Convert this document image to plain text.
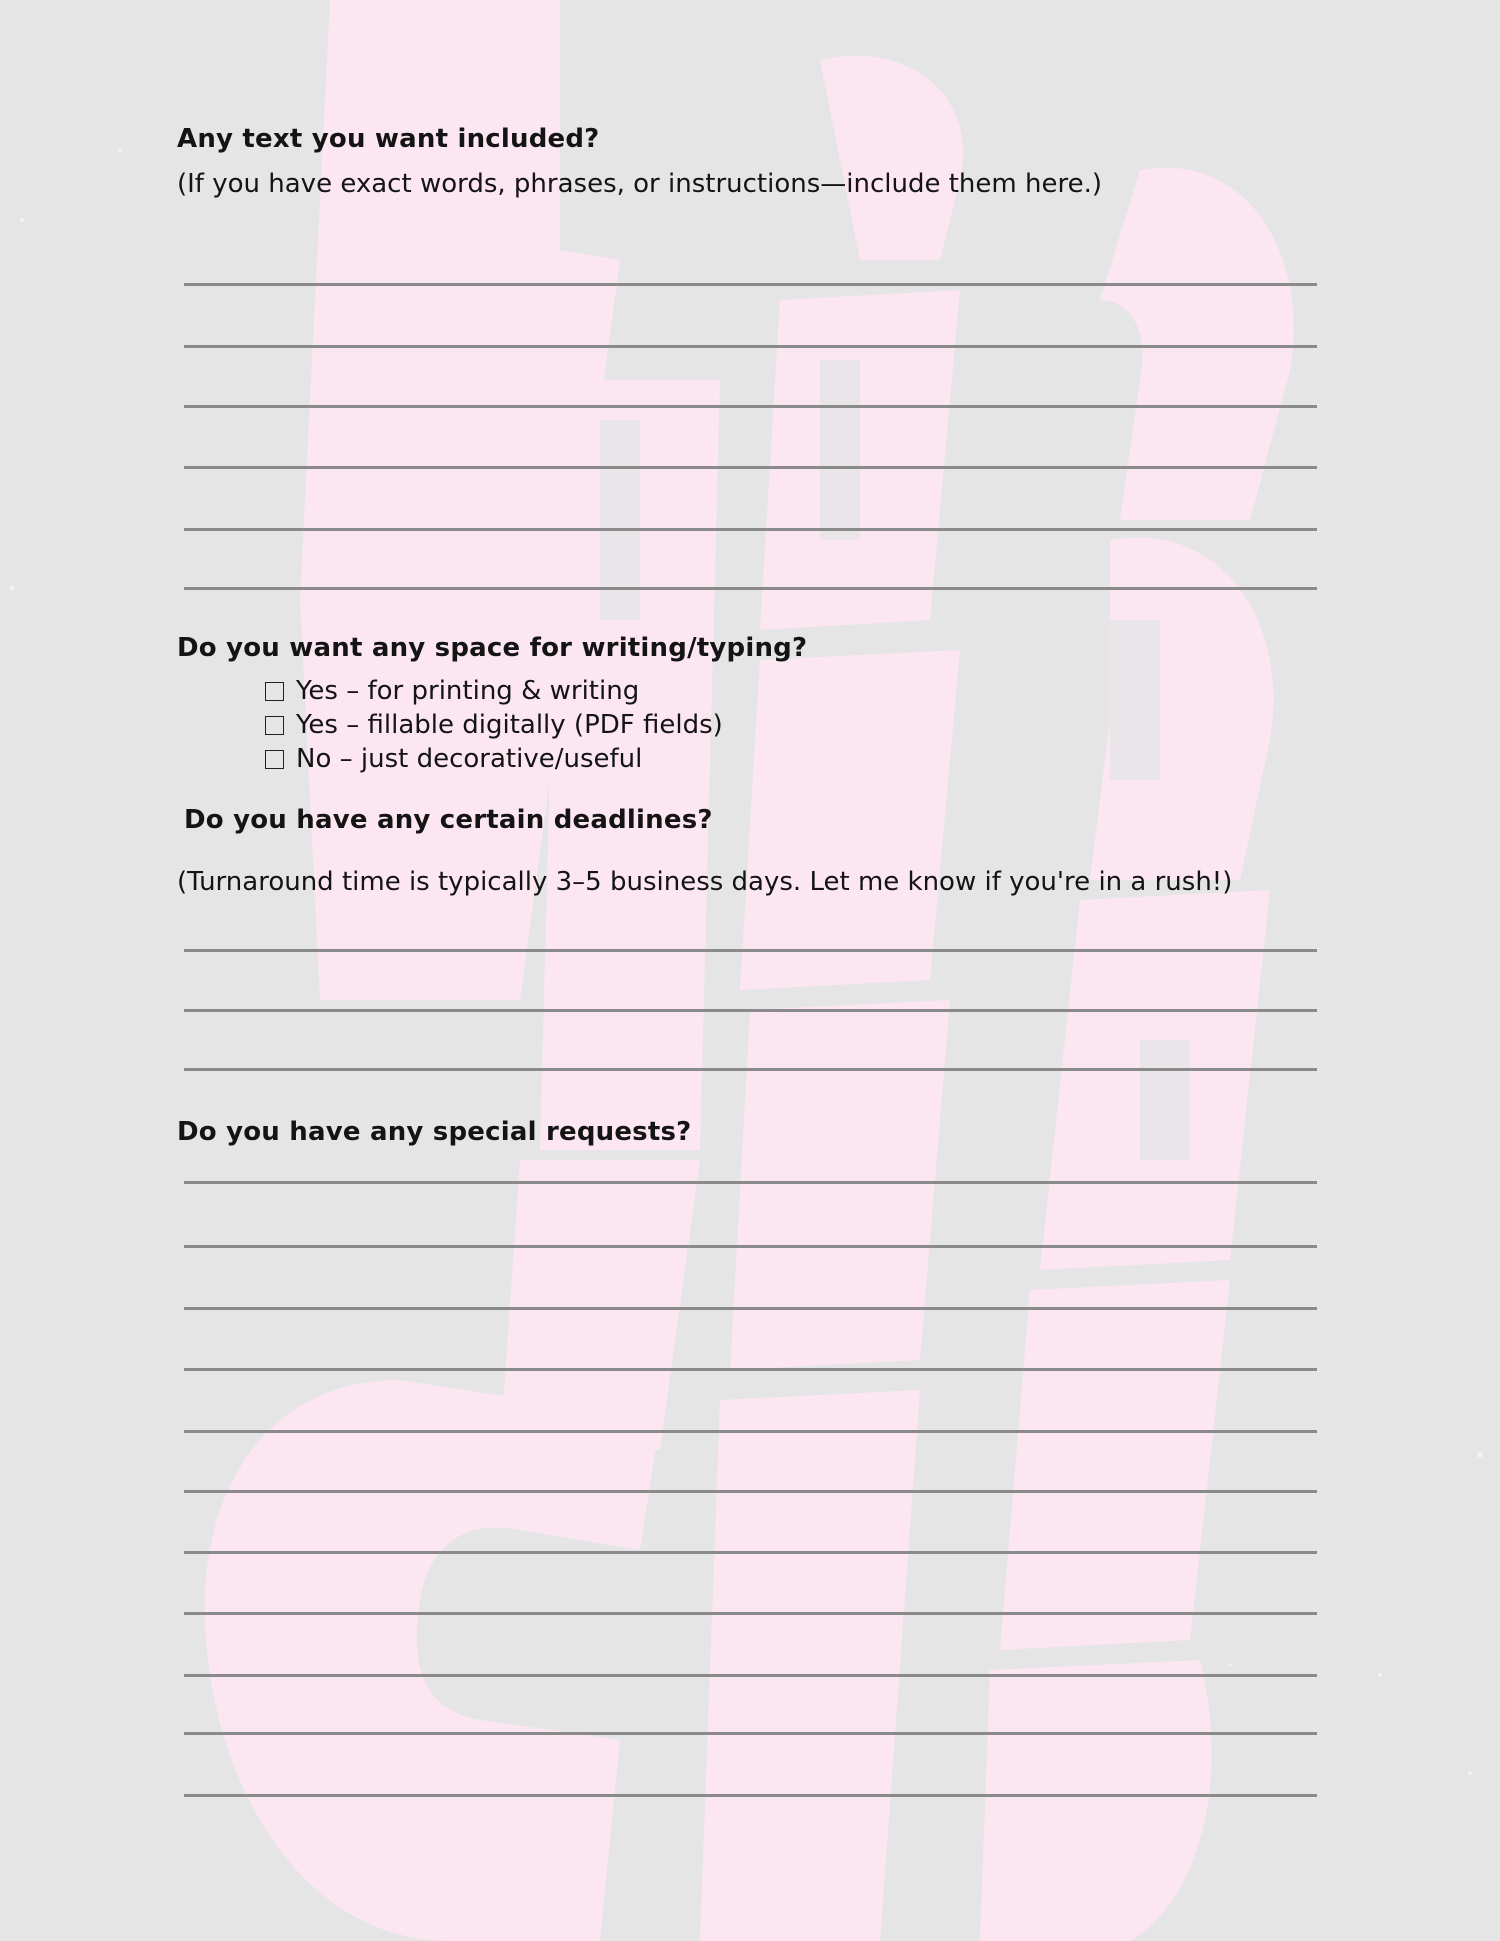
Any text you want included?
(If you have exact words, phrases, or instructions—include them here.)
Do you want any space for writing/typing?
Yes – for printing & writing
Yes – fillable digitally (PDF fields)
No – just decorative/useful
Do you have any certain deadlines?
(Turnaround time is typically 3–5 business days. Let me know if you're in a rush!)
Do you have any special requests?
